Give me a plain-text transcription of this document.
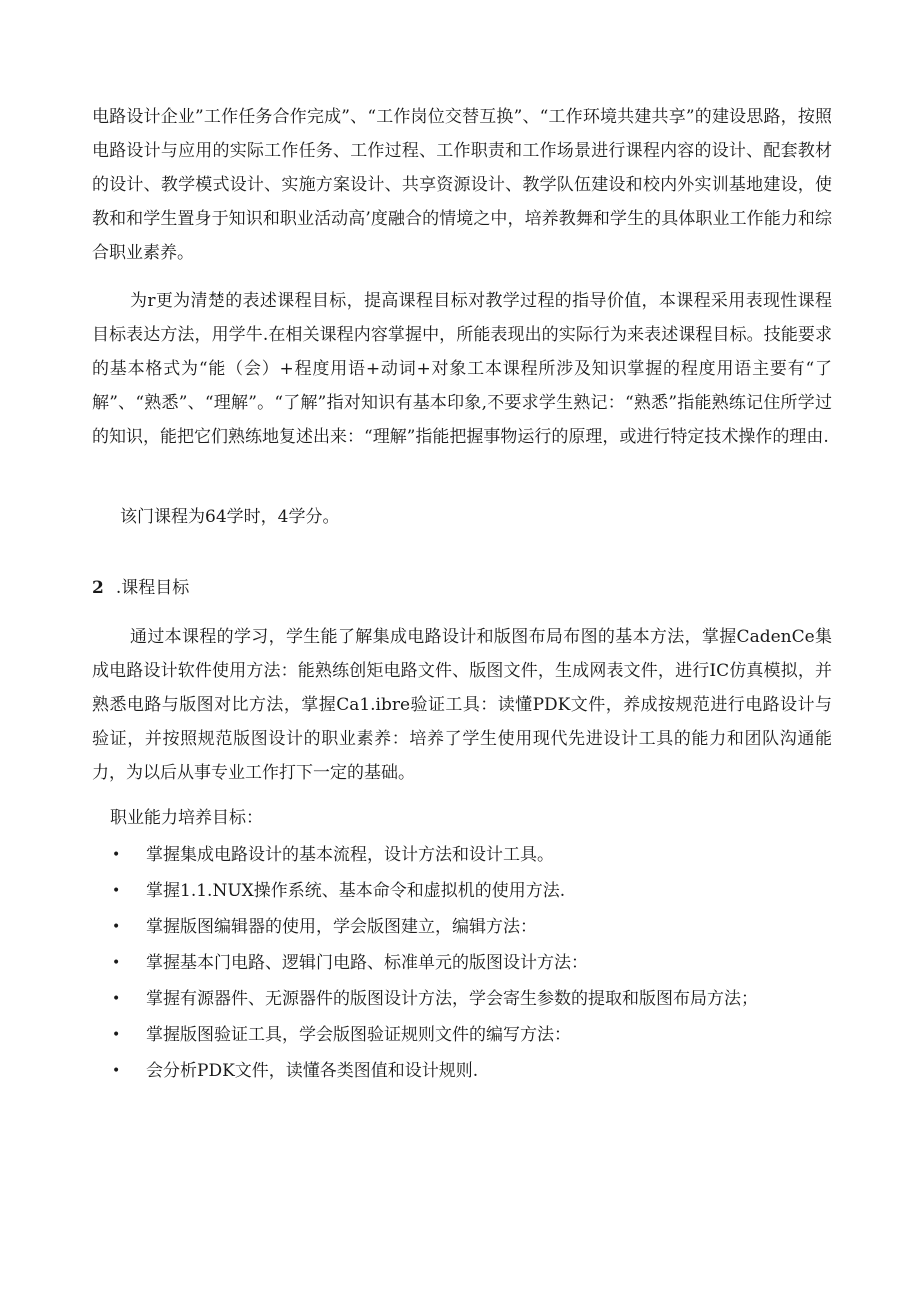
电路设计企业”工作任务合作完成”、“工作岗位交替互换”、“工作环境共建共享”的建设思路，按照电路设计与应用的实际工作任务、工作过程、工作职责和工作场景进行课程内容的设计、配套教材的设计、教学模式设计、实施方案设计、共享资源设计、教学队伍建设和校内外实训基地建设，使教和和学生置身于知识和职业活动高’度融合的情境之中，培养教舞和学生的具体职业工作能力和综合职业素养。

为r更为清楚的表述课程目标，提高课程目标对教学过程的指导价值，本课程采用表现性课程目标表达方法，用学牛.在相关课程内容掌握中，所能表现出的实际行为来表述课程目标。技能要求的基本格式为“能（会）+程度用语+动词+对象工本课程所涉及知识掌握的程度用语主要有“了解”、“熟悉”、“理解”。“了解”指对知识有基本印象,不要求学生熟记：“熟悉”指能熟练记住所学过的知识，能把它们熟练地复述出来：“理解”指能把握事物运行的原理，或进行特定技术操作的理由.

该门课程为64学时，4学分。

2 .课程目标

通过本课程的学习，学生能了解集成电路设计和版图布局布图的基本方法，掌握CadenCe集成电路设计软件使用方法：能熟练创矩电路文件、版图文件，生成网表文件，进行IC仿真模拟，并熟悉电路与版图对比方法，掌握Ca1.ibre验证工具：读懂PDK文件，养成按规范进行电路设计与验证，并按照规范版图设计的职业素养：培养了学生使用现代先进设计工具的能力和团队沟通能力，为以后从事专业工作打下一定的基础。

职业能力培养目标：

• 掌握集成电路设计的基本流程，设计方法和设计工具。
• 掌握1.1.NUX操作系统、基本命令和虚拟机的使用方法.
• 掌握版图编辑器的使用，学会版图建立，编辑方法：
• 掌握基本门电路、逻辑门电路、标准单元的版图设计方法：
• 掌握有源器件、无源器件的版图设计方法，学会寄生参数的提取和版图布局方法；
• 掌握版图验证工具，学会版图验证规则文件的编写方法：
• 会分析PDK文件，读懂各类图值和设计规则.
